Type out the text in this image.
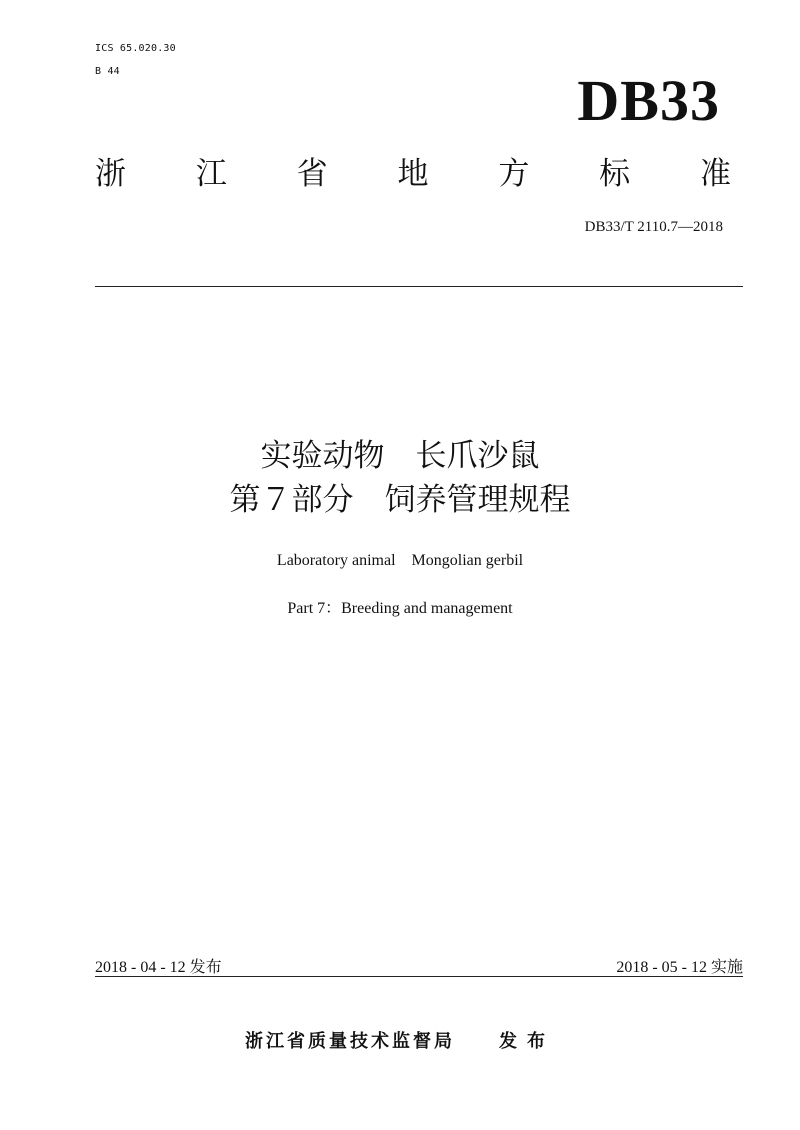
ICS 65.020.30
B 44	DB33
浙 江 省 地 方 标 准
DB33/T 2110.7—2018
实验动物　长爪沙鼠
第７部分　饲养管理规程
Laboratory animal    Mongolian gerbil
Part 7：Breeding and management
2018 - 04 - 12 发布	2018 - 05 - 12 实施
浙江省质量技术监督局 发布
